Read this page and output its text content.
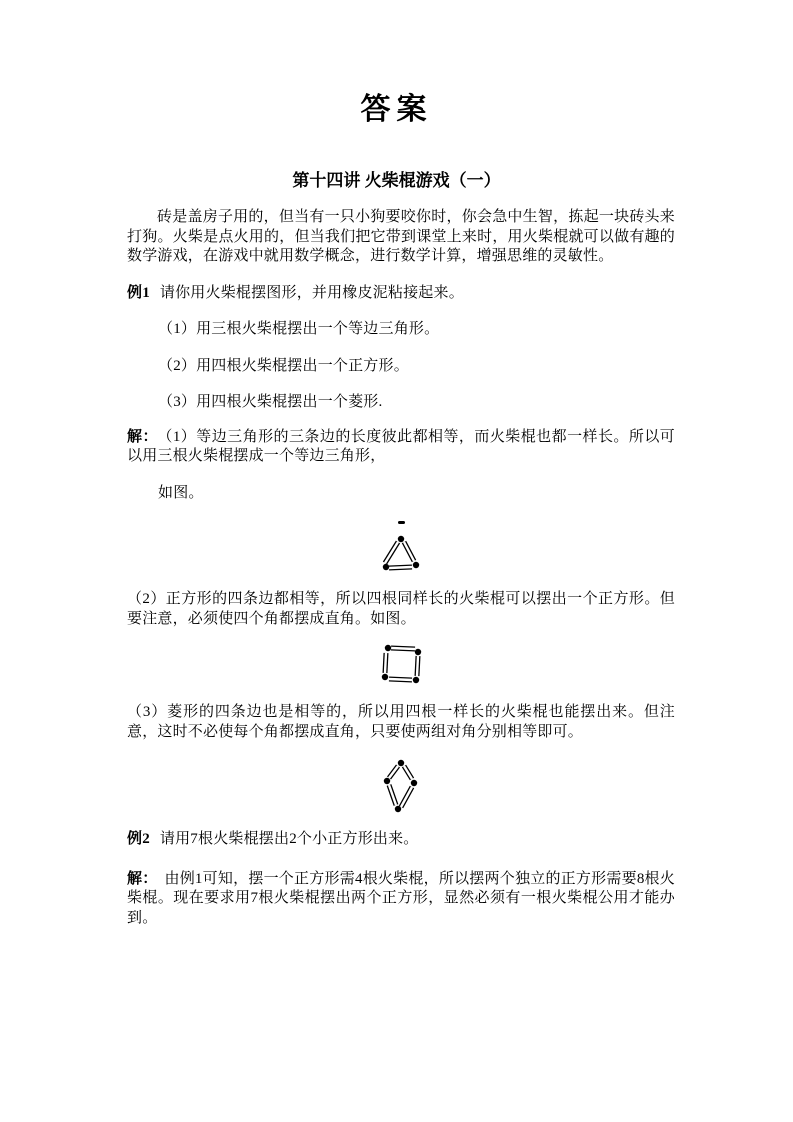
答案
第十四讲 火柴棍游戏（一）

砖是盖房子用的，但当有一只小狗要咬你时，你会急中生智，拣起一块砖头来打狗。火柴是点火用的，但当我们把它带到课堂上来时，用火柴棍就可以做有趣的数学游戏，在游戏中就用数学概念，进行数学计算，增强思维的灵敏性。

例1 请你用火柴棍摆图形，并用橡皮泥粘接起来。

（1）用三根火柴棍摆出一个等边三角形。

（2）用四根火柴棍摆出一个正方形。

（3）用四根火柴棍摆出一个菱形.

解： （1）等边三角形的三条边的长度彼此都相等，而火柴棍也都一样长。所以可以用三根火柴棍摆成一个等边三角形，

如图。

（2）正方形的四条边都相等，所以四根同样长的火柴棍可以摆出一个正方形。但要注意，必须使四个角都摆成直角。如图。

（3）菱形的四条边也是相等的，所以用四根一样长的火柴棍也能摆出来。但注意，这时不必使每个角都摆成直角，只要使两组对角分别相等即可。

例2 请用7根火柴棍摆出2个小正方形出来。

解： 由例1可知，摆一个正方形需4根火柴棍，所以摆两个独立的正方形需要8根火柴棍。现在要求用7根火柴棍摆出两个正方形，显然必须有一根火柴棍公用才能办到。
